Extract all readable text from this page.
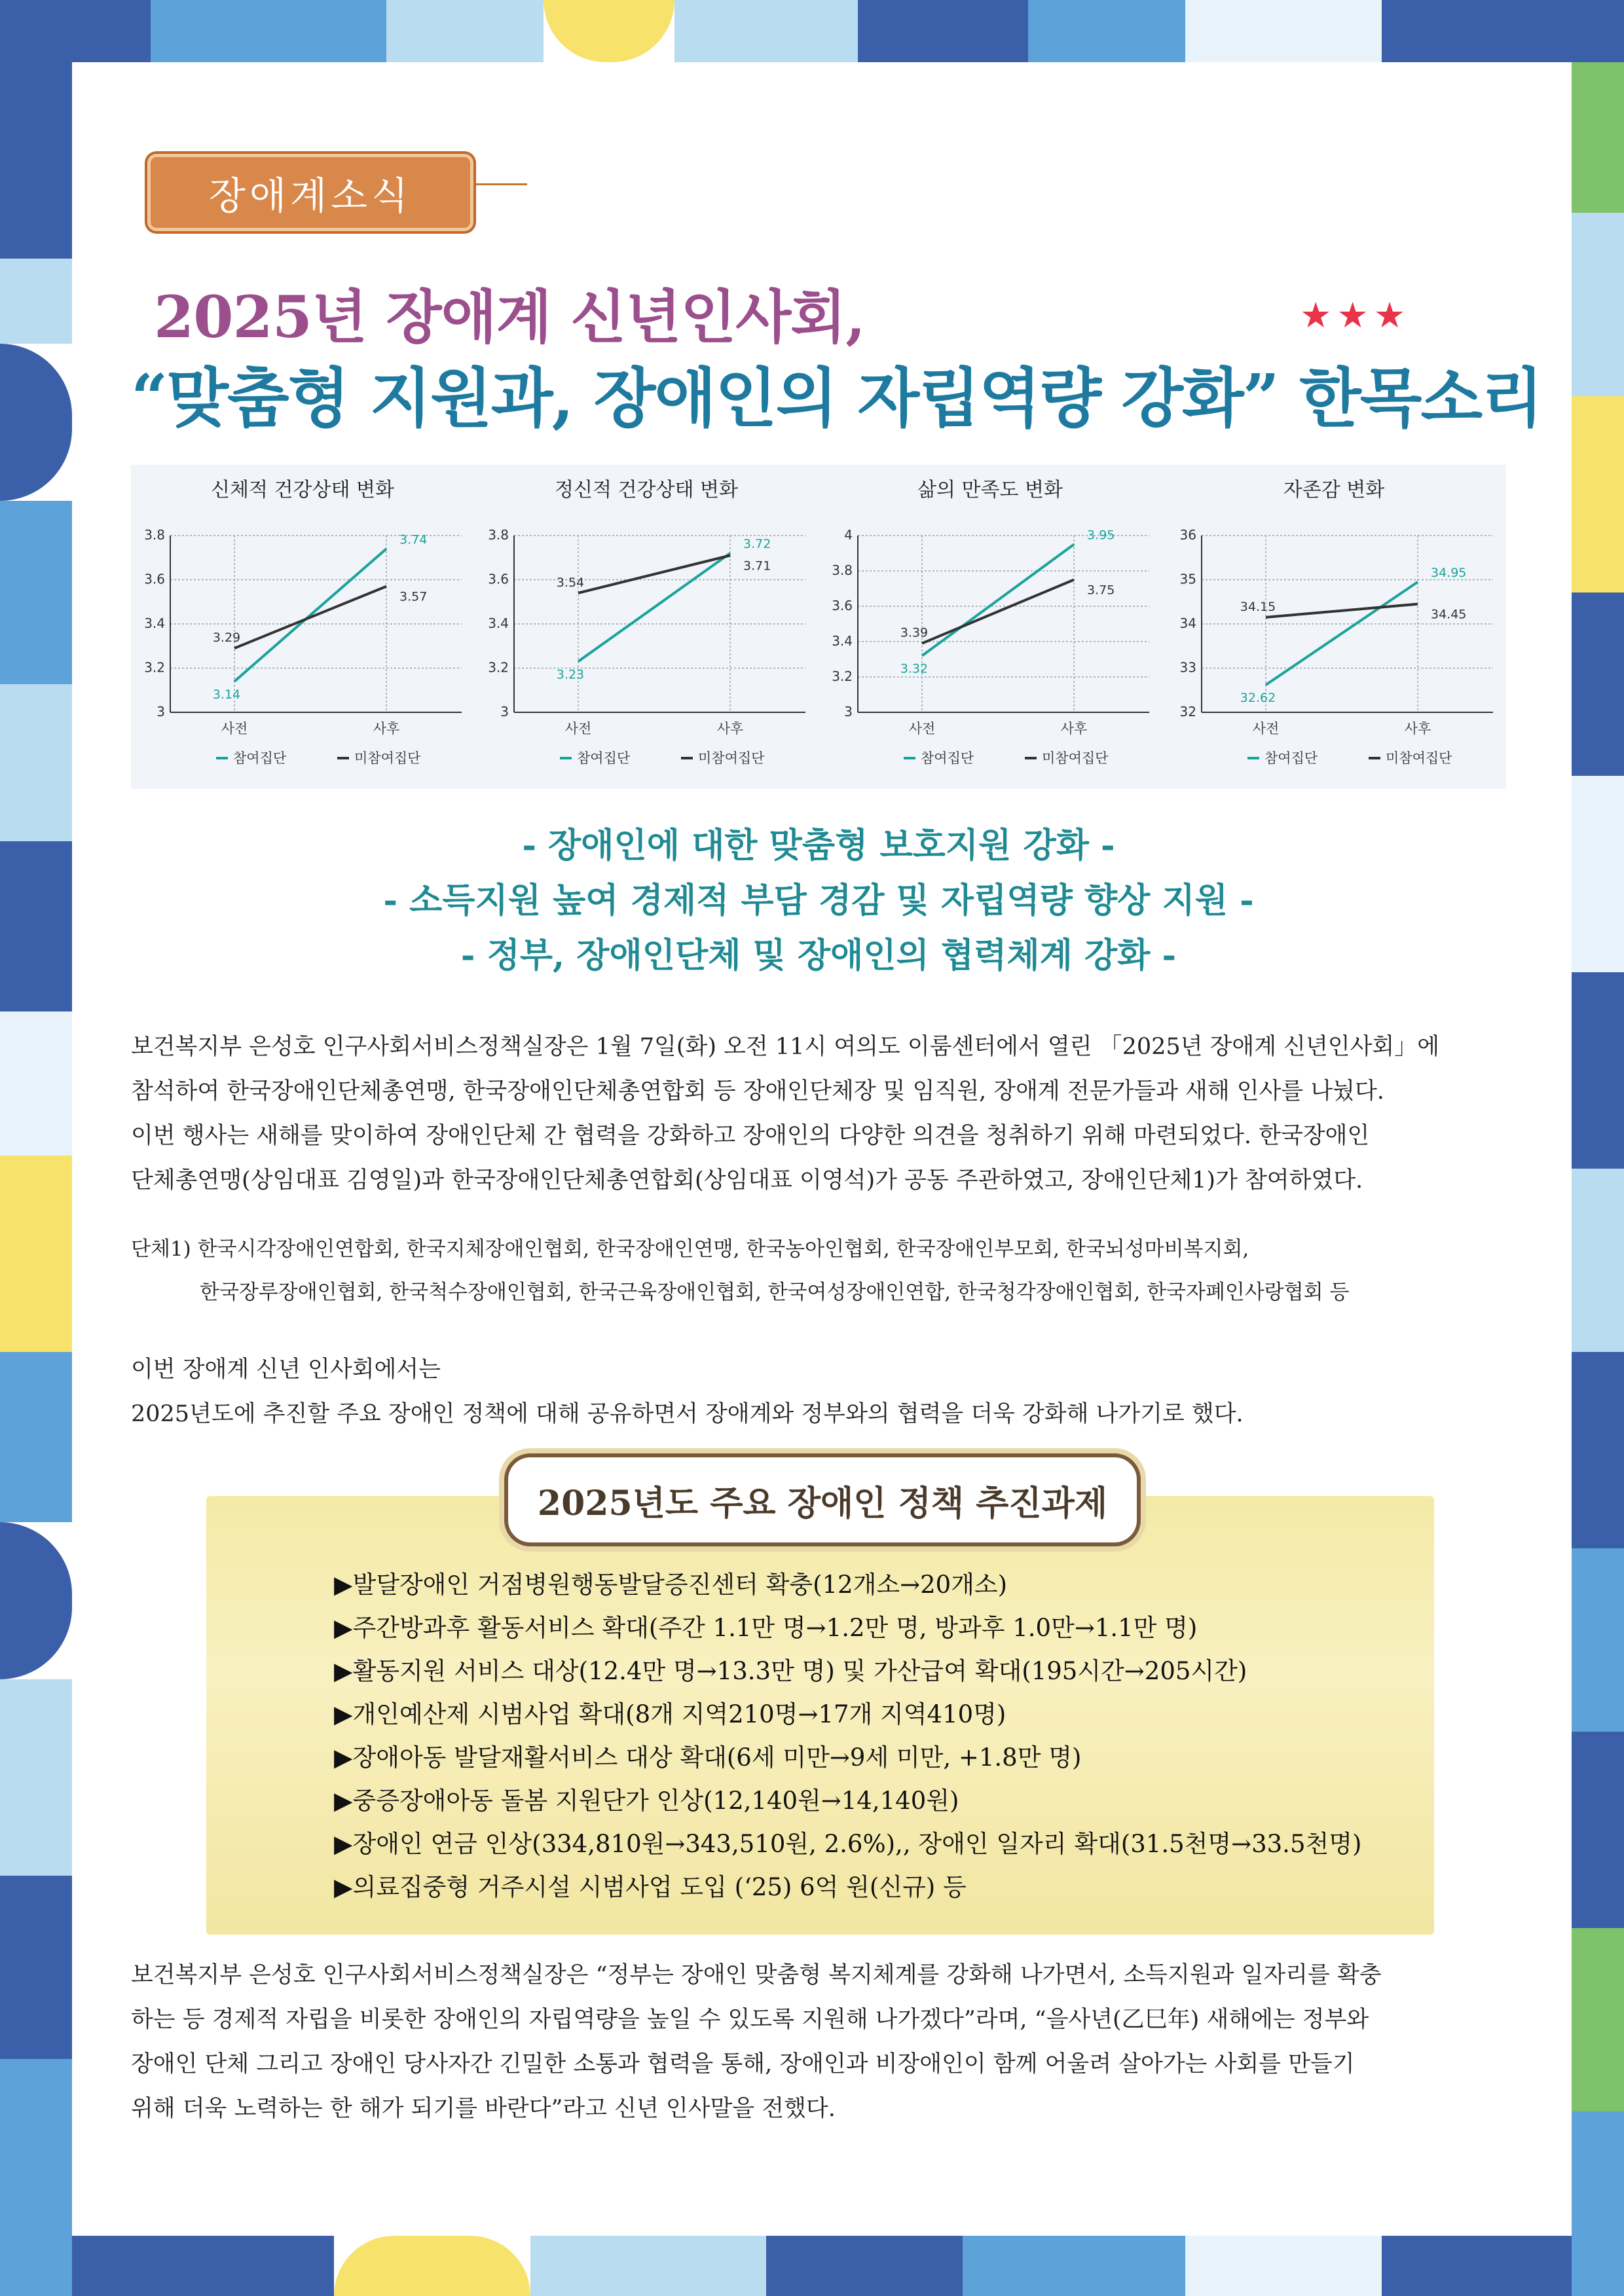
장애계소식
2025년 장애계 신년인사회,	★★★
“맞춤형 지원과, 장애인의 자립역량 강화” 한목소리
신체적 건강상태 변화
3
3.2
3.4
3.6
3.8
사전	사후
3.14
3.74
3.29
3.57
참여집단	미참여집단
정신적 건강상태 변화
3
3.2
3.4
3.6
3.8
사전	사후
3.23
3.72
3.54
3.71
참여집단	미참여집단
삶의 만족도 변화
3
3.2
3.4
3.6
3.8
4
사전	사후
3.32
3.95
3.39
3.75
참여집단	미참여집단
자존감 변화
32
33
34
35
36
사전	사후
32.62
34.95
34.15
34.45
참여집단	미참여집단
- 장애인에 대한 맞춤형 보호지원 강화 -
- 소득지원 높여 경제적 부담 경감 및 자립역량 향상 지원 -
- 정부, 장애인단체 및 장애인의 협력체계 강화 -
보건복지부 은성호 인구사회서비스정책실장은 1월 7일(화) 오전 11시 여의도 이룸센터에서 열린 「2025년 장애계 신년인사회」에
참석하여 한국장애인단체총연맹, 한국장애인단체총연합회 등 장애인단체장 및 임직원, 장애계 전문가들과 새해 인사를 나눴다.
이번 행사는 새해를 맞이하여 장애인단체 간 협력을 강화하고 장애인의 다양한 의견을 청취하기 위해 마련되었다. 한국장애인
단체총연맹(상임대표 김영일)과 한국장애인단체총연합회(상임대표 이영석)가 공동 주관하였고, 장애인단체1)가 참여하였다.
단체1) 한국시각장애인연합회, 한국지체장애인협회, 한국장애인연맹, 한국농아인협회, 한국장애인부모회, 한국뇌성마비복지회,
한국장루장애인협회, 한국척수장애인협회, 한국근육장애인협회, 한국여성장애인연합, 한국청각장애인협회, 한국자폐인사랑협회 등
이번 장애계 신년 인사회에서는
2025년도에 추진할 주요 장애인 정책에 대해 공유하면서 장애계와 정부와의 협력을 더욱 강화해 나가기로 했다.
2025년도 주요 장애인 정책 추진과제
▶발달장애인 거점병원행동발달증진센터 확충(12개소→20개소)
▶주간방과후 활동서비스 확대(주간 1.1만 명→1.2만 명, 방과후 1.0만→1.1만 명)
▶활동지원 서비스 대상(12.4만 명→13.3만 명) 및 가산급여 확대(195시간→205시간)
▶개인예산제 시범사업 확대(8개 지역210명→17개 지역410명)
▶장애아동 발달재활서비스 대상 확대(6세 미만→9세 미만, +1.8만 명)
▶중증장애아동 돌봄 지원단가 인상(12,140원→14,140원)
▶장애인 연금 인상(334,810원→343,510원, 2.6%),, 장애인 일자리 확대(31.5천명→33.5천명)
▶의료집중형 거주시설 시범사업 도입 (‘25) 6억 원(신규) 등
보건복지부 은성호 인구사회서비스정책실장은 “정부는 장애인 맞춤형 복지체계를 강화해 나가면서, 소득지원과 일자리를 확충
하는 등 경제적 자립을 비롯한 장애인의 자립역량을 높일 수 있도록 지원해 나가겠다”라며, “을사년(乙巳年) 새해에는 정부와
장애인 단체 그리고 장애인 당사자간 긴밀한 소통과 협력을 통해, 장애인과 비장애인이 함께 어울려 살아가는 사회를 만들기
위해 더욱 노력하는 한 해가 되기를 바란다”라고 신년 인사말을 전했다.
